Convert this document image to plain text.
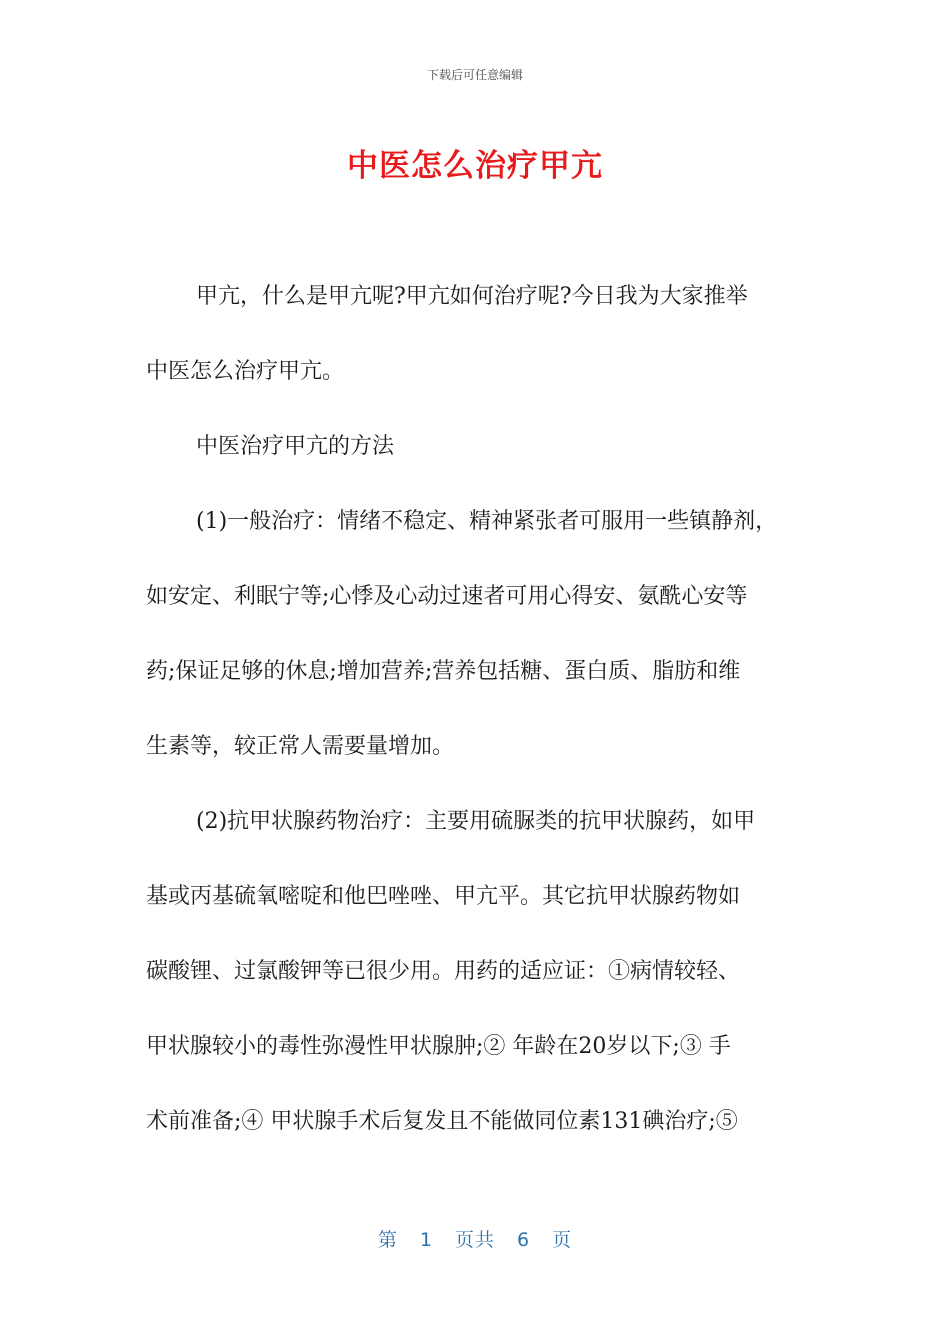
下载后可任意编辑
中医怎么治疗甲亢
甲亢，什么是甲亢呢?甲亢如何治疗呢?今日我为大家推举
中医怎么治疗甲亢。
中医治疗甲亢的方法
(1)一般治疗：情绪不稳定、精神紧张者可服用一些镇静剂，
如安定、利眠宁等;心悸及心动过速者可用心得安、氨酰心安等
药;保证足够的休息;增加营养;营养包括糖、蛋白质、脂肪和维
生素等，较正常人需要量增加。
(2)抗甲状腺药物治疗：主要用硫脲类的抗甲状腺药，如甲
基或丙基硫氧嘧啶和他巴唑唑、甲亢平。其它抗甲状腺药物如
碳酸锂、过氯酸钾等已很少用。用药的适应证：①病情较轻、
甲状腺较小的毒性弥漫性甲状腺肿;② 年龄在20岁以下;③ 手
术前准备;④ 甲状腺手术后复发且不能做同位素131碘治疗;⑤
第 1 页共 6 页
